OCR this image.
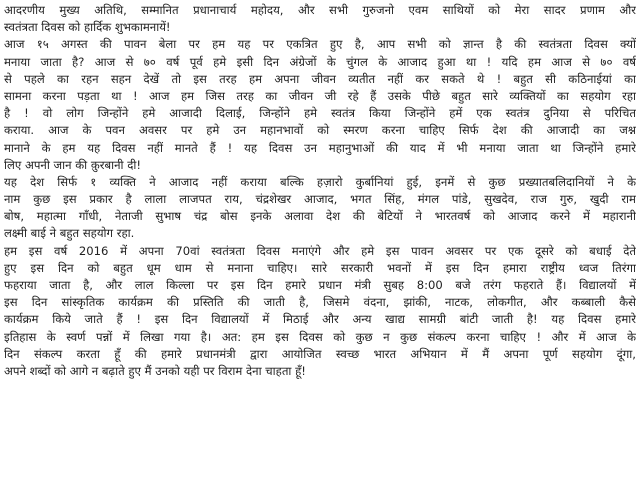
आदरणीय मुख्य अतिथि, सम्मानित प्रधानाचार्य महोदय, और सभी गुरुजनो एवम साथियों को मेरा सादर प्रणाम और
स्वतंत्रता दिवस को हार्दिक शुभकामनायें!
आज १५ अगस्त की पावन बेला पर हम यह पर एकत्रित हुए है, आप सभी को ज्ञान्त है की स्वतंत्रता दिवस क्यों
मनाया जाता है? आज से ७० वर्ष पूर्व हमे इसी दिन अंग्रेजों के चुंगल के आजाद हुआ था ! यदि हम आज से ७० वर्ष
से पहले का रहन सहन देखें तो इस तरह हम अपना जीवन व्यतीत नहीं कर सकते थे ! बहुत सी कठिनाईयां का
सामना करना पड़ता था ! आज हम जिस तरह का जीवन जी रहे हैं उसके पीछे बहुत सारे व्यक्तियों का सहयोग रहा
है ! वो लोग जिन्होंने हमे आजादी दिलाई, जिन्होंने हमे स्वतंत्र किया जिन्होंने हमें एक स्वतंत्र दुनिया से परिचित
कराया. आज के पवन अवसर पर हमे उन महानभावों को स्मरण करना चाहिए सिर्फ देश की आजादी का जश्न
मानाने के हम यह दिवस नहीं मानते हैं ! यह दिवस उन महानुभाओं की याद में भी मनाया जाता था जिन्होंने हमारे
लिए अपनी जान की क़ुरबानी दी!
यह देश सिर्फ १ व्यक्ति ने आजाद नहीं कराया बल्कि हज़ारो कुर्बानियां हुई, इनमें से कुछ प्रख्यातबलिदानियों ने के
नाम कुछ इस प्रकार है लाला लाजपत राय, चंद्रशेखर आजाद, भगत सिंह, मंगल पांडे, सुखदेव, राज गुरु, खुदी राम
बोष, महात्मा गाँधी, नेताजी सुभाष चंद्र बोस इनके अलावा देश की बेटियों ने भारतवर्ष को आजाद करने में महारानी
लक्ष्मी बाई ने बहुत सहयोग रहा.
हम इस वर्ष 2016 में अपना 70वां स्वतंत्रता दिवस मनाएंगे और हमे इस पावन अवसर पर एक दूसरे को बधाई देते
हुए इस दिन को बहुत धूम धाम से मनाना चाहिए। सारे सरकारी भवनों में इस दिन हमारा राष्ट्रीय ध्वज तिरंगा
फहराया जाता है, और लाल किल्ला पर इस दिन हमारे प्रधान मंत्री सुबह 8:00 बजे तरंग फहराते हैं। विद्यालयों में
इस दिन सांस्कृतिक कार्यक्रम की प्रस्तिति की जाती है, जिसमे वंदना, झांकी, नाटक, लोकगीत, और कब्बाली कैसे
कार्यक्रम किये जाते हैं ! इस दिन विद्यालयों में मिठाई और अन्य खाद्य सामग्री बांटी जाती है! यह दिवस हमारे
इतिहास के स्वर्ण पन्नों में लिखा गया है। अत: हम इस दिवस को कुछ न कुछ संकल्प करना चाहिए ! और में आज के
दिन संकल्प करता हूँ की हमारे प्रधानमंत्री द्वारा आयोजित स्वच्छ भारत अभियान में मैं अपना पूर्ण सहयोग दूंगा,
अपने शब्दों को आगे न बढ़ाते हुए मैं उनको यही पर विराम देना चाहता हूँ!
